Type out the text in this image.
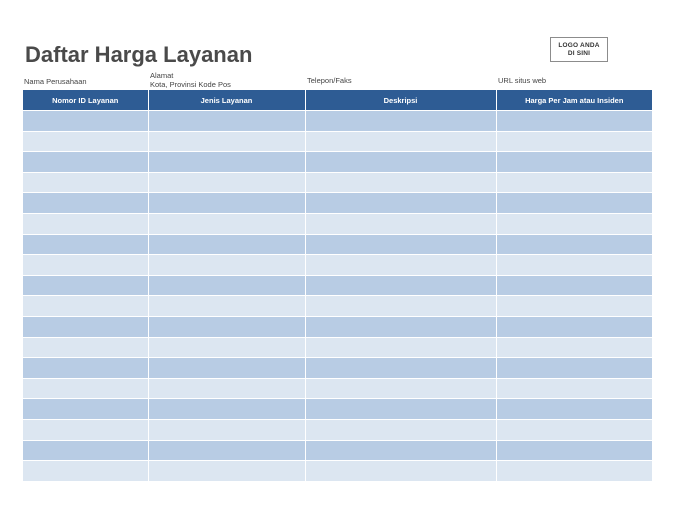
Daftar Harga Layanan	LOGO ANDA
DI SINI
Nama Perusahaan
Alamat
Kota, Provinsi Kode Pos	Telepon/Faks	URL situs web
Nomor ID Layanan	Jenis Layanan	Deskripsi	Harga Per Jam atau Insiden
